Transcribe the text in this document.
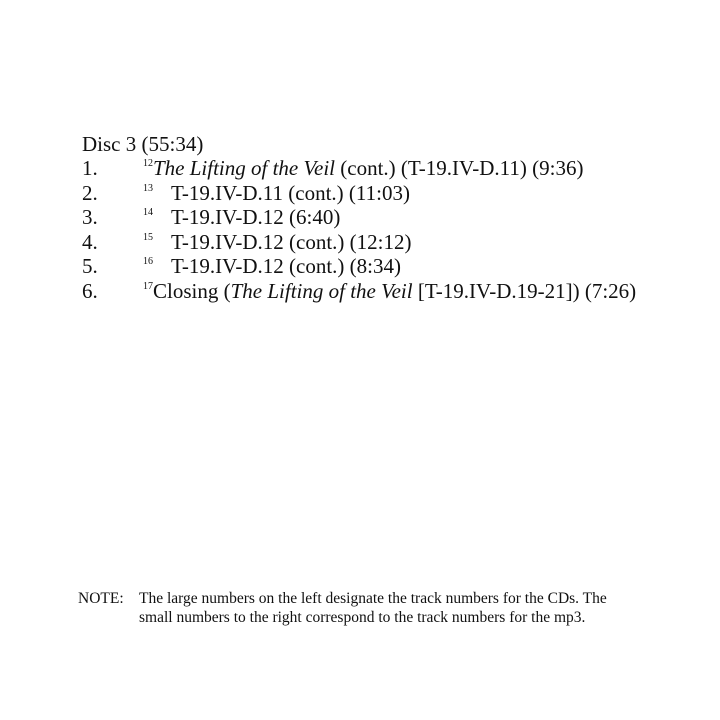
Disc 3 (55:34)
1.	12The Lifting of the Veil (cont.) (T-19.IV-D.11) (9:36)
2.	13 T-19.IV-D.11 (cont.) (11:03)
3.	14 T-19.IV-D.12 (6:40)
4.	15 T-19.IV-D.12 (cont.) (12:12)
5.	16 T-19.IV-D.12 (cont.) (8:34)
6.	17Closing (The Lifting of the Veil [T-19.IV-D.19-21]) (7:26)
NOTE: The large numbers on the left designate the track numbers for the CDs. The
small numbers to the right correspond to the track numbers for the mp3.
